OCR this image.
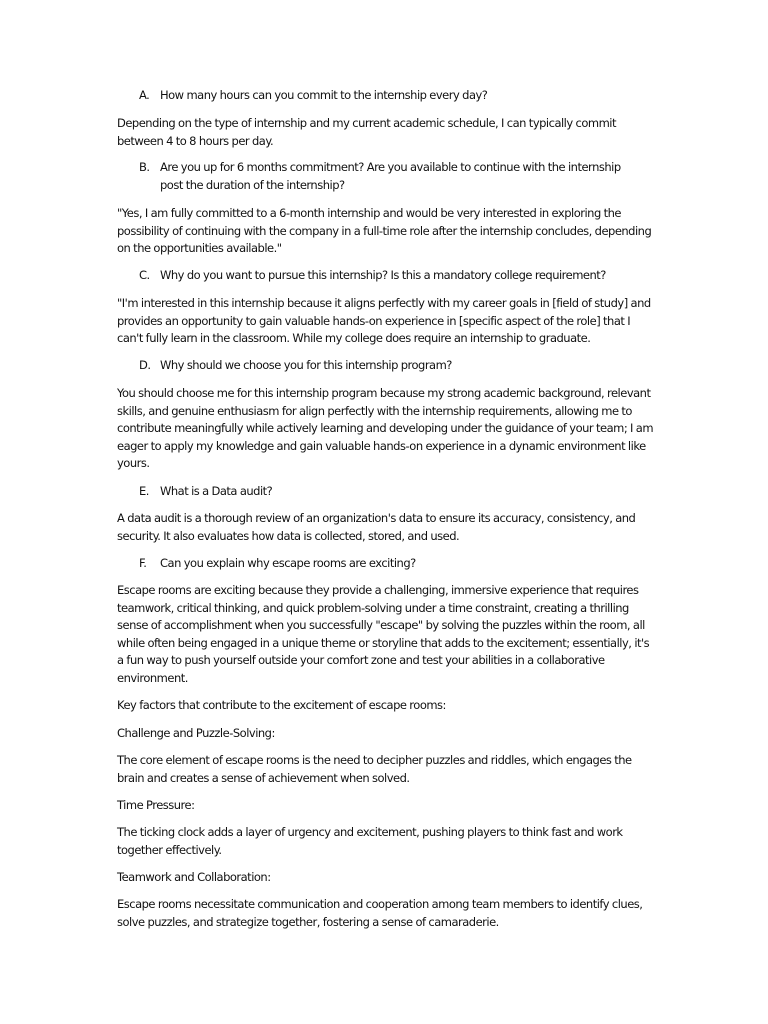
A. How many hours can you commit to the internship every day?

Depending on the type of internship and my current academic schedule, I can typically commit between 4 to 8 hours per day.

B. Are you up for 6 months commitment? Are you available to continue with the internship post the duration of the internship?

"Yes, I am fully committed to a 6-month internship and would be very interested in exploring the possibility of continuing with the company in a full-time role after the internship concludes, depending on the opportunities available."

C. Why do you want to pursue this internship? Is this a mandatory college requirement?

"I'm interested in this internship because it aligns perfectly with my career goals in [field of study] and provides an opportunity to gain valuable hands-on experience in [specific aspect of the role] that I can't fully learn in the classroom. While my college does require an internship to graduate.

D. Why should we choose you for this internship program?

You should choose me for this internship program because my strong academic background, relevant skills, and genuine enthusiasm for align perfectly with the internship requirements, allowing me to contribute meaningfully while actively learning and developing under the guidance of your team; I am eager to apply my knowledge and gain valuable hands-on experience in a dynamic environment like yours.

E. What is a Data audit?

A data audit is a thorough review of an organization's data to ensure its accuracy, consistency, and security. It also evaluates how data is collected, stored, and used.

F.	Can you explain why escape rooms are exciting?

Escape rooms are exciting because they provide a challenging, immersive experience that requires teamwork, critical thinking, and quick problem-solving under a time constraint, creating a thrilling sense of accomplishment when you successfully "escape" by solving the puzzles within the room, all while often being engaged in a unique theme or storyline that adds to the excitement; essentially, it's a fun way to push yourself outside your comfort zone and test your abilities in a collaborative environment.

Key factors that contribute to the excitement of escape rooms:

Challenge and Puzzle-Solving:

The core element of escape rooms is the need to decipher puzzles and riddles, which engages the brain and creates a sense of achievement when solved.

Time Pressure:

The ticking clock adds a layer of urgency and excitement, pushing players to think fast and work together effectively.

Teamwork and Collaboration:

Escape rooms necessitate communication and cooperation among team members to identify clues, solve puzzles, and strategize together, fostering a sense of camaraderie.
